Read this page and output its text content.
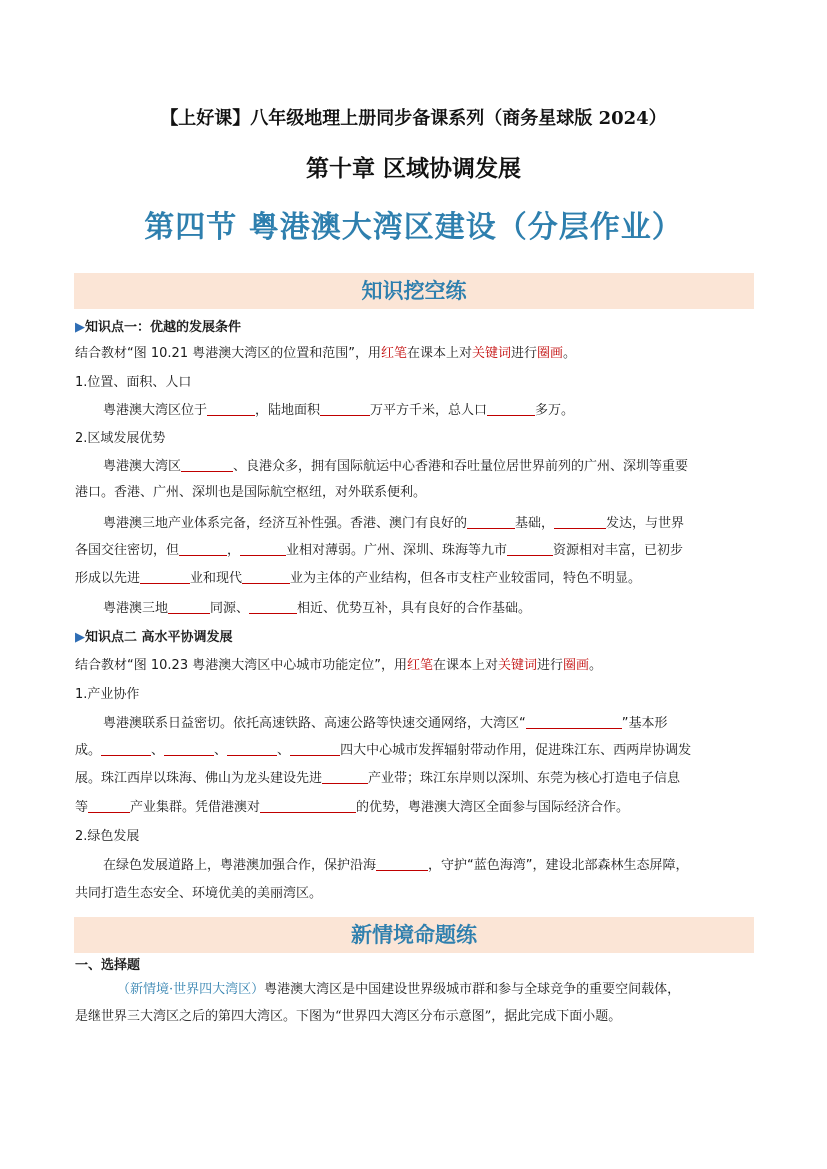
【上好课】八年级地理上册同步备课系列（商务星球版 2024）
第十章 区域协调发展
第四节 粤港澳大湾区建设（分层作业）
知识挖空练
▶知识点一：优越的发展条件
结合教材“图 10.21 粤港澳大湾区的位置和范围”，用红笔在课本上对关键词进行圈画。
1.位置、面积、人口
粤港澳大湾区位于	，陆地面积	万平方千米，总人口	多万。
2.区域发展优势
粤港澳大湾区	、良港众多，拥有国际航运中心香港和吞吐量位居世界前列的广州、深圳等重要
港口。香港、广州、深圳也是国际航空枢纽，对外联系便利。
粤港澳三地产业体系完备，经济互补性强。香港、澳门有良好的	基础，	发达，与世界
各国交往密切，但	，	业相对薄弱。广州、深圳、珠海等九市	资源相对丰富，已初步
形成以先进	业和现代	业为主体的产业结构，但各市支柱产业较雷同，特色不明显。
粤港澳三地	同源、	相近、优势互补，具有良好的合作基础。
▶知识点二 高水平协调发展
结合教材“图 10.23 粤港澳大湾区中心城市功能定位”，用红笔在课本上对关键词进行圈画。
1.产业协作
粤港澳联系日益密切。依托高速铁路、高速公路等快速交通网络，大湾区“	”基本形
成。	、	、	、	四大中心城市发挥辐射带动作用，促进珠江东、西两岸协调发
展。珠江西岸以珠海、佛山为龙头建设先进	产业带；珠江东岸则以深圳、东莞为核心打造电子信息
等	产业集群。凭借港澳对	的优势，粤港澳大湾区全面参与国际经济合作。
2.绿色发展
在绿色发展道路上，粤港澳加强合作，保护沿海	，守护“蓝色海湾”，建设北部森林生态屏障，
共同打造生态安全、环境优美的美丽湾区。
新情境命题练
一、选择题
（新情境·世界四大湾区）粤港澳大湾区是中国建设世界级城市群和参与全球竞争的重要空间载体，
是继世界三大湾区之后的第四大湾区。下图为“世界四大湾区分布示意图”，据此完成下面小题。
